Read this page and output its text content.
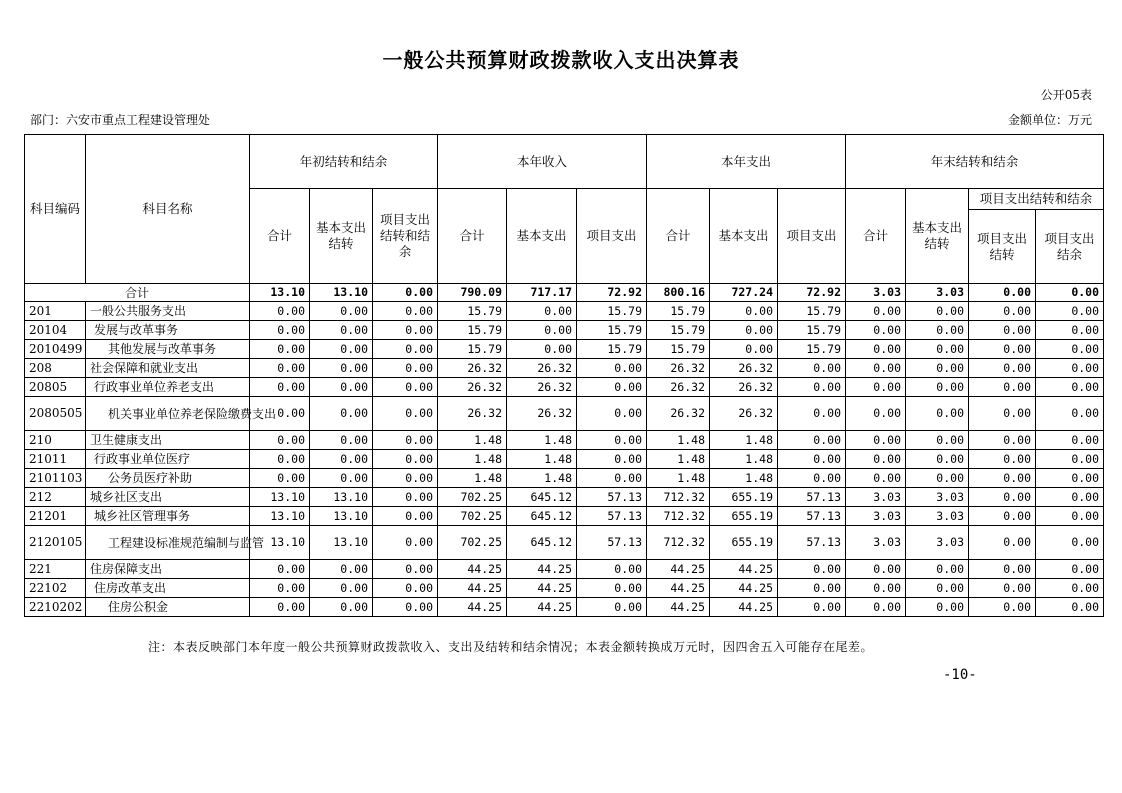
一般公共预算财政拨款收入支出决算表
公开05表
部门：六安市重点工程建设管理处	金额单位：万元
科目编码	科目名称	年初结转和结余			本年收入			本年支出			年末结转和结余			
		合计	基本支出结转	项目支出结转和结余	合计	基本支出	项目支出	合计	基本支出	项目支出	合计	基本支出结转	项目支出结转和结余	
													项目支出结转	项目支出结余
合计		13.10	13.10	0.00	790.09	717.17	72.92	800.16	727.24	72.92	3.03	3.03	0.00	0.00
201	一般公共服务支出	0.00	0.00	0.00	15.79	0.00	15.79	15.79	0.00	15.79	0.00	0.00	0.00	0.00
20104	发展与改革事务	0.00	0.00	0.00	15.79	0.00	15.79	15.79	0.00	15.79	0.00	0.00	0.00	0.00
2010499	其他发展与改革事务	0.00	0.00	0.00	15.79	0.00	15.79	15.79	0.00	15.79	0.00	0.00	0.00	0.00
208	社会保障和就业支出	0.00	0.00	0.00	26.32	26.32	0.00	26.32	26.32	0.00	0.00	0.00	0.00	0.00
20805	行政事业单位养老支出	0.00	0.00	0.00	26.32	26.32	0.00	26.32	26.32	0.00	0.00	0.00	0.00	0.00
2080505	机关事业单位养老保险缴费支出	0.00	0.00	0.00	26.32	26.32	0.00	26.32	26.32	0.00	0.00	0.00	0.00	0.00
210	卫生健康支出	0.00	0.00	0.00	1.48	1.48	0.00	1.48	1.48	0.00	0.00	0.00	0.00	0.00
21011	行政事业单位医疗	0.00	0.00	0.00	1.48	1.48	0.00	1.48	1.48	0.00	0.00	0.00	0.00	0.00
2101103	公务员医疗补助	0.00	0.00	0.00	1.48	1.48	0.00	1.48	1.48	0.00	0.00	0.00	0.00	0.00
212	城乡社区支出	13.10	13.10	0.00	702.25	645.12	57.13	712.32	655.19	57.13	3.03	3.03	0.00	0.00
21201	城乡社区管理事务	13.10	13.10	0.00	702.25	645.12	57.13	712.32	655.19	57.13	3.03	3.03	0.00	0.00
2120105	工程建设标准规范编制与监管	13.10	13.10	0.00	702.25	645.12	57.13	712.32	655.19	57.13	3.03	3.03	0.00	0.00
221	住房保障支出	0.00	0.00	0.00	44.25	44.25	0.00	44.25	44.25	0.00	0.00	0.00	0.00	0.00
22102	住房改革支出	0.00	0.00	0.00	44.25	44.25	0.00	44.25	44.25	0.00	0.00	0.00	0.00	0.00
2210202	住房公积金	0.00	0.00	0.00	44.25	44.25	0.00	44.25	44.25	0.00	0.00	0.00	0.00	0.00
注：本表反映部门本年度一般公共预算财政拨款收入、支出及结转和结余情况；本表金额转换成万元时，因四舍五入可能存在尾差。
-10-
